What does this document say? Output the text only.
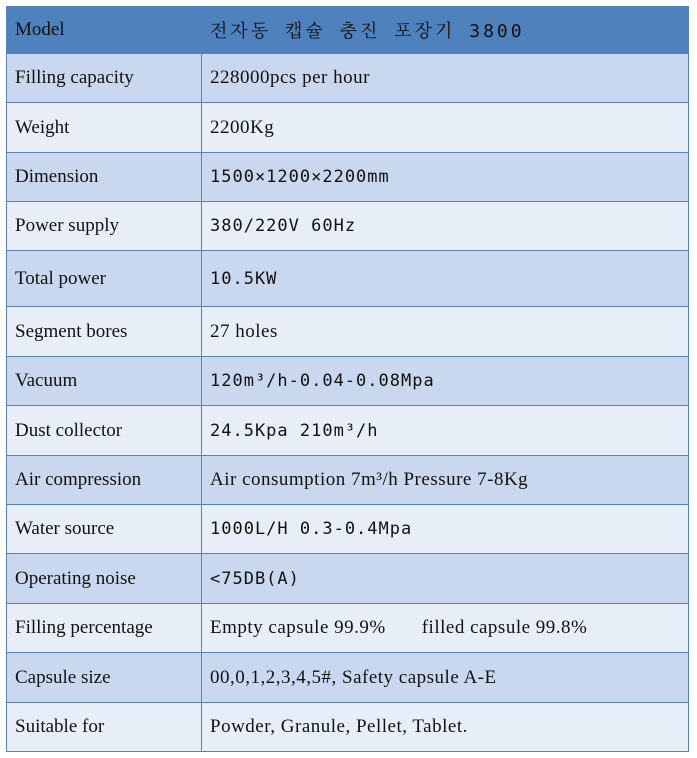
Model	전자동 캡슐 충진 포장기 3800
Filling capacity	228000pcs per hour
Weight	2200Kg
Dimension	1500×1200×2200mm
Power supply	380/220V 60Hz
Total power	10.5KW
Segment bores	27 holes
Vacuum	120m³/h-0.04-0.08Mpa
Dust collector	24.5Kpa 210m³/h
Air compression	Air consumption 7m³/h Pressure 7-8Kg
Water source	1000L/H 0.3-0.4Mpa
Operating noise	<75DB(A)
Filling percentage	Empty capsule 99.9% filled capsule 99.8%
Capsule size	00,0,1,2,3,4,5#, Safety capsule A-E
Suitable for	Powder, Granule, Pellet, Tablet.
